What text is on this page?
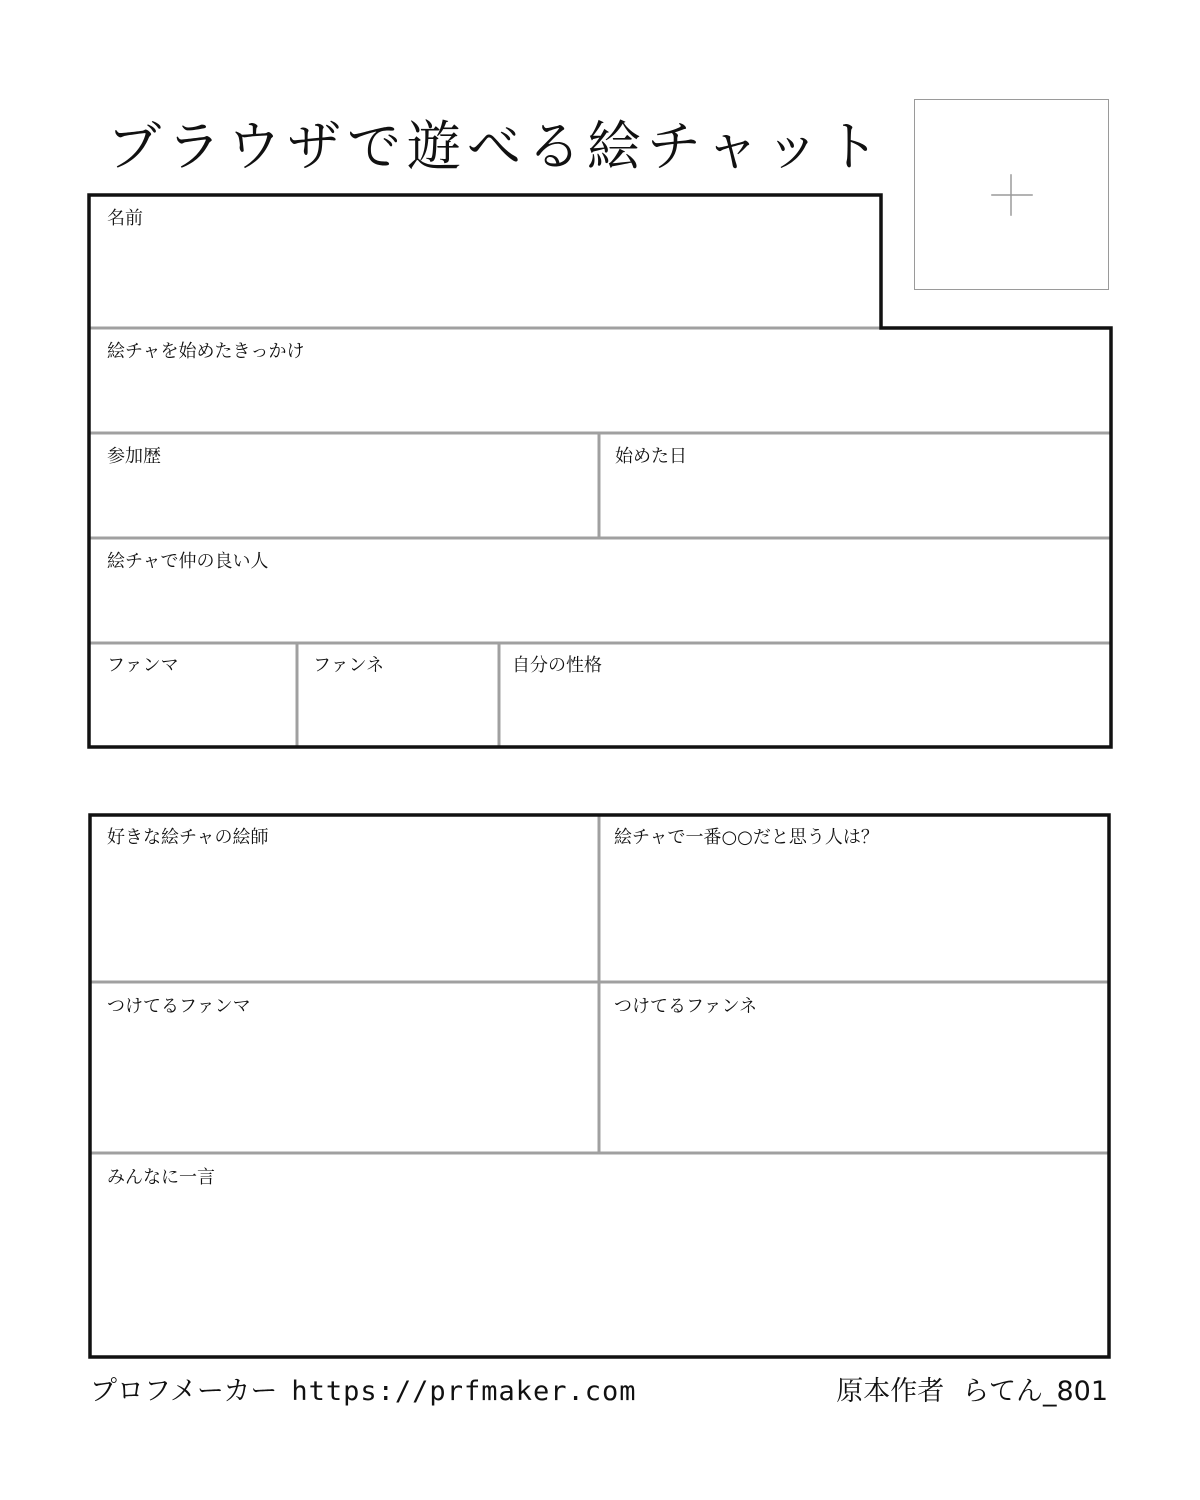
ブラウザで遊べる絵チャット
名前
絵チャを始めたきっかけ
参加歴	始めた日
絵チャで仲の良い人
ファンマ	ファンネ	自分の性格
好きな絵チャの絵師	絵チャで一番○○だと思う人は？
つけてるファンマ	つけてるファンネ
みんなに一言
プロフメーカー https://prfmaker.com	原本作者 らてん_801
